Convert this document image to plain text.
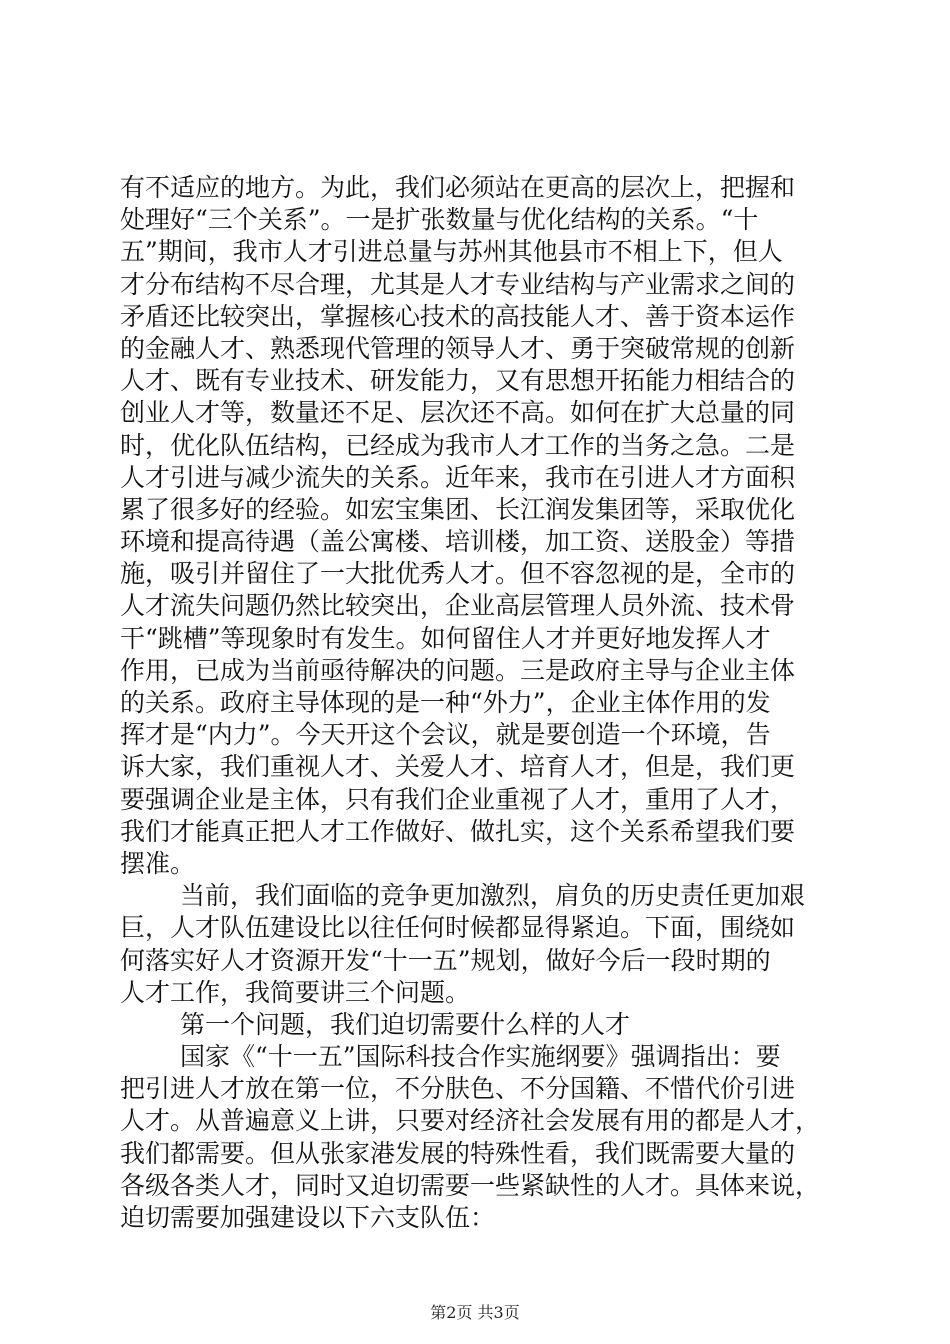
有不适应的地方。为此，我们必须站在更高的层次上，把握和
处理好“三个关系”。一是扩张数量与优化结构的关系。“十
五”期间，我市人才引进总量与苏州其他县市不相上下，但人
才分布结构不尽合理，尤其是人才专业结构与产业需求之间的
矛盾还比较突出，掌握核心技术的高技能人才、善于资本运作
的金融人才、熟悉现代管理的领导人才、勇于突破常规的创新
人才、既有专业技术、研发能力，又有思想开拓能力相结合的
创业人才等，数量还不足、层次还不高。如何在扩大总量的同
时，优化队伍结构，已经成为我市人才工作的当务之急。二是
人才引进与减少流失的关系。近年来，我市在引进人才方面积
累了很多好的经验。如宏宝集团、长江润发集团等，采取优化
环境和提高待遇（盖公寓楼、培训楼，加工资、送股金）等措
施，吸引并留住了一大批优秀人才。但不容忽视的是，全市的
人才流失问题仍然比较突出，企业高层管理人员外流、技术骨
干“跳槽”等现象时有发生。如何留住人才并更好地发挥人才
作用，已成为当前亟待解决的问题。三是政府主导与企业主体
的关系。政府主导体现的是一种“外力”，企业主体作用的发
挥才是“内力”。今天开这个会议，就是要创造一个环境，告
诉大家，我们重视人才、关爱人才、培育人才，但是，我们更
要强调企业是主体，只有我们企业重视了人才，重用了人才，
我们才能真正把人才工作做好、做扎实，这个关系希望我们要
摆准。
当前，我们面临的竞争更加激烈，肩负的历史责任更加艰
巨，人才队伍建设比以往任何时候都显得紧迫。下面，围绕如
何落实好人才资源开发“十一五”规划，做好今后一段时期的
人才工作，我简要讲三个问题。
第一个问题，我们迫切需要什么样的人才
国家《“十一五”国际科技合作实施纲要》强调指出：要
把引进人才放在第一位，不分肤色、不分国籍、不惜代价引进
人才。从普遍意义上讲，只要对经济社会发展有用的都是人才，
我们都需要。但从张家港发展的特殊性看，我们既需要大量的
各级各类人才，同时又迫切需要一些紧缺性的人才。具体来说，
迫切需要加强建设以下六支队伍：
第2页 共3页
